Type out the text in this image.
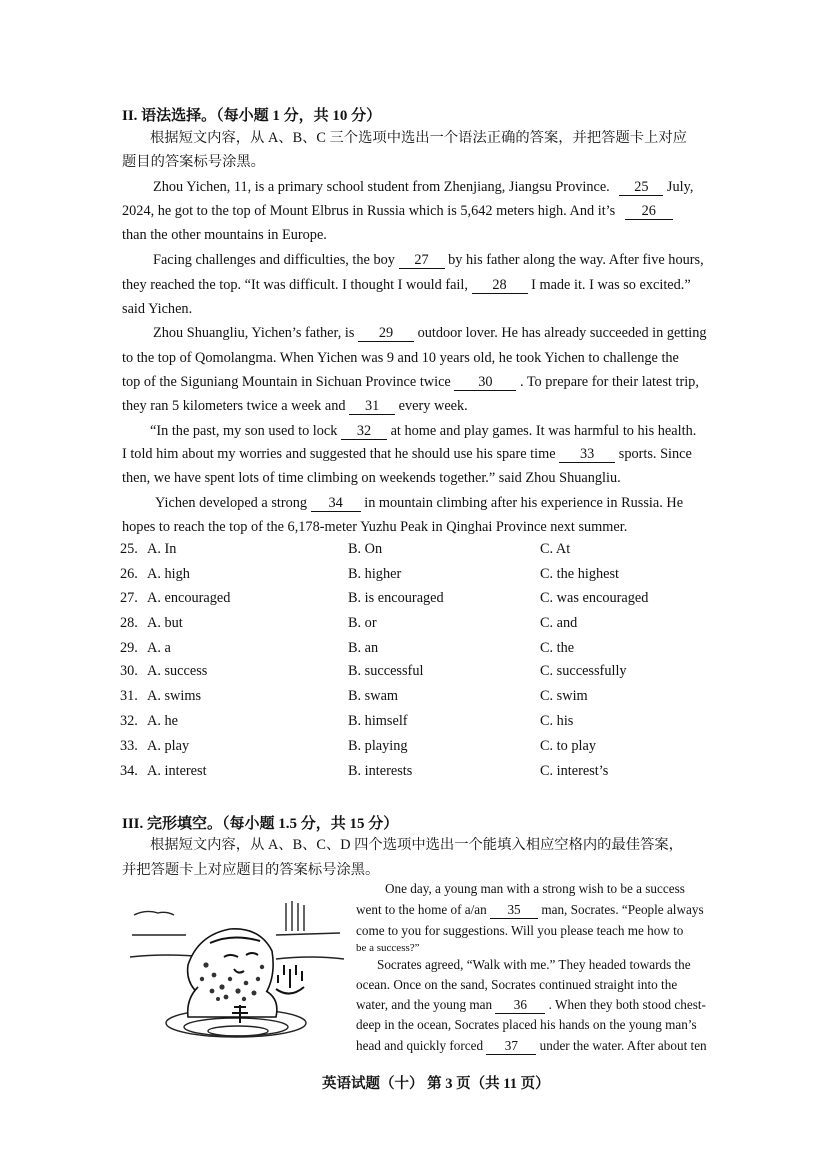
II. 语法选择。（每小题 1 分，共 10 分）
根据短文内容，从 A、B、C 三个选项中选出一个语法正确的答案，并把答题卡上对应
题目的答案标号涂黑。
Zhou Yichen, 11, is a primary school student from Zhenjiang, Jiangsu Province. 25 July,
2024, he got to the top of Mount Elbrus in Russia which is 5,642 meters high. And it’s 26
than the other mountains in Europe.
Facing challenges and difficulties, the boy 27 by his father along the way. After five hours,
they reached the top. “It was difficult. I thought I would fail, 28 I made it. I was so excited.”
said Yichen.
Zhou Shuangliu, Yichen’s father, is 29 outdoor lover. He has already succeeded in getting
to the top of Qomolangma. When Yichen was 9 and 10 years old, he took Yichen to challenge the
top of the Siguniang Mountain in Sichuan Province twice 30 . To prepare for their latest trip,
they ran 5 kilometers twice a week and 31 every week.
“In the past, my son used to lock 32 at home and play games. It was harmful to his health.
I told him about my worries and suggested that he should use his spare time 33 sports. Since
then, we have spent lots of time climbing on weekends together.” said Zhou Shuangliu.
Yichen developed a strong 34 in mountain climbing after his experience in Russia. He
hopes to reach the top of the 6,178-meter Yuzhu Peak in Qinghai Province next summer.
25. A. In	B. On	C. At
26. A. high	B. higher	C. the highest
27. A. encouraged	B. is encouraged	C. was encouraged
28. A. but	B. or	C. and
29. A. a	B. an	C. the
30. A. success	B. successful	C. successfully
31. A. swims	B. swam	C. swim
32. A. he	B. himself	C. his
33. A. play	B. playing	C. to play
34. A. interest	B. interests	C. interest’s
III. 完形填空。（每小题 1.5 分，共 15 分）
根据短文内容，从 A、B、C、D 四个选项中选出一个能填入相应空格内的最佳答案，
并把答题卡上对应题目的答案标号涂黑。
One day, a young man with a strong wish to be a success
went to the home of a/an 35 man, Socrates. “People always
come to you for suggestions. Will you please teach me how to
be a success?”
Socrates agreed, “Walk with me.” They headed towards the
ocean. Once on the sand, Socrates continued straight into the
water, and the young man 36 . When they both stood chest-
deep in the ocean, Socrates placed his hands on the young man’s
head and quickly forced 37 under the water. After about ten
英语试题（十） 第 3 页（共 11 页）
